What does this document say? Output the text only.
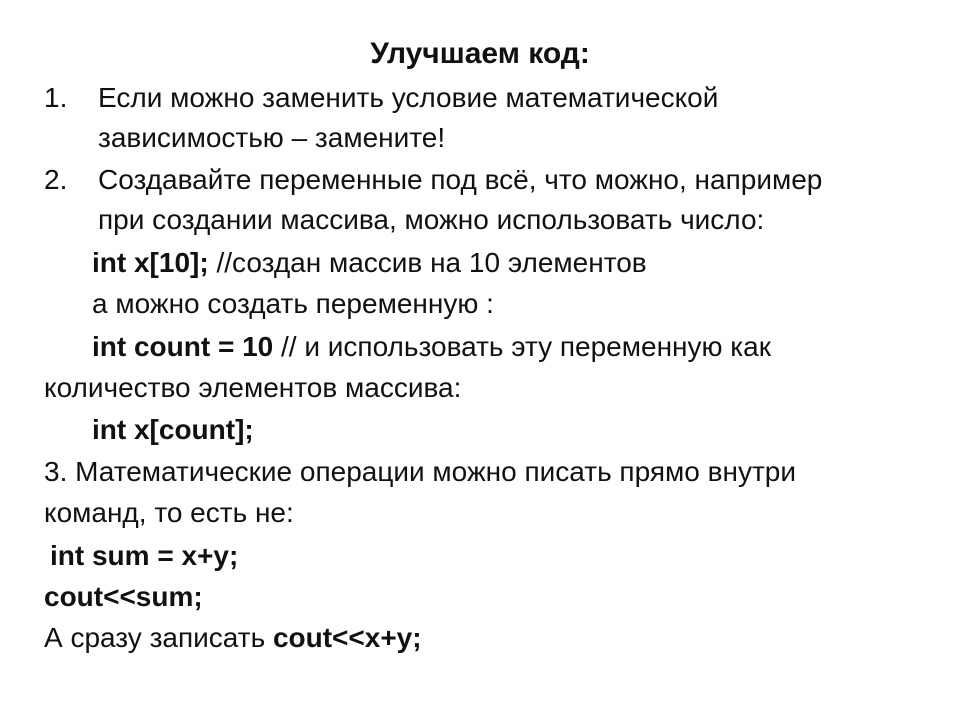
Улучшаем код:
1. Если можно заменить условие математической
зависимостью – замените!
2. Создавайте переменные под всё, что можно, например
при создании массива, можно использовать число:
int x[10]; //создан массив на 10 элементов
а можно создать переменную :
int count = 10 // и использовать эту переменную как
количество элементов массива:
int x[count];
3. Математические операции можно писать прямо внутри
команд, то есть не:
int sum = x+y;
cout<<sum;
А сразу записать cout<<x+y;
